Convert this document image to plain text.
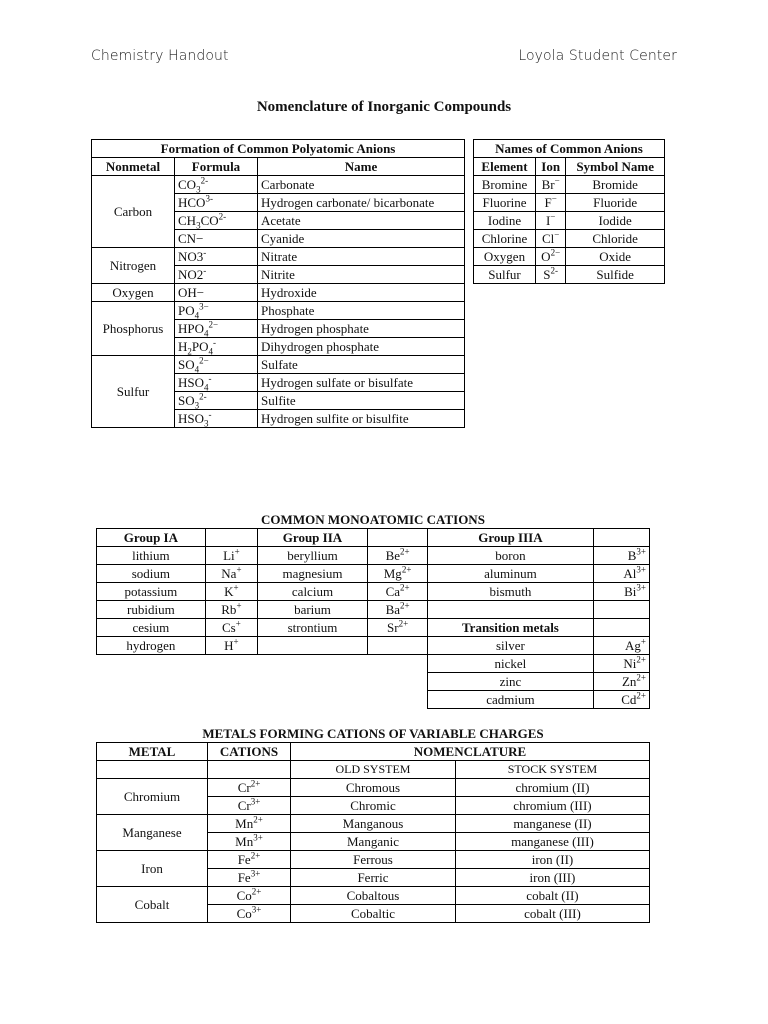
Chemistry Handout	Loyola Student Center
Nomenclature of Inorganic Compounds
Formation of Common Polyatomic Anions		
Nonmetal	Formula	Name
Carbon	$CO_3^{2-}$	Carbonate
	$HCO^{3-}$	Hydrogen carbonate/ bicarbonate
	$CH_3CO^{2-}$	Acetate
	CN−	Cyanide
Nitrogen	NO3-	Nitrate
	NO2-	Nitrite
Oxygen	OH−	Hydroxide
Phosphorus	$PO_4^{3-}$	Phosphate
	$HPO_4^{2-}$	Hydrogen phosphate
	$H_2PO_4^-$	Dihydrogen phosphate
Sulfur	$SO_4^{2-}$	Sulfate
	$HSO_4^-$	Hydrogen sulfate or bisulfate
	$SO_3^{2-}$	Sulfite
	$HSO_3^-$	Hydrogen sulfite or bisulfite
Names of Common Anions		
Element	Ion	Symbol Name
Bromine	Br−	Bromide
Fluorine	F−	Fluoride
Iodine	I−	Iodide
Chlorine	Cl−	Chloride
Oxygen	$O^{2-}$	Oxide
Sulfur	$S^{2-}$	Sulfide
COMMON MONOATOMIC CATIONS
Group IA		Group IIA		Group IIIA	
lithium	Li+	beryllium	$Be^{2+}$	boron	$B^{3+}$
sodium	Na+	magnesium	$Mg^{2+}$	aluminum	$Al^{3+}$
potassium	K+	calcium	$Ca^{2+}$	bismuth	$Bi^{3+}$
rubidium	Rb+	barium	$Ba^{2+}$		
cesium	Cs+	strontium	$Sr^{2+}$	Transition metals	
hydrogen	H+			silver	Ag+
				nickel	$Ni^{2+}$
				zinc	$Zn^{2+}$
				cadmium	$Cd^{2+}$
METALS FORMING CATIONS OF VARIABLE CHARGES
METAL	CATIONS	NOMENCLATURE	
		OLD SYSTEM	STOCK SYSTEM
Chromium	$Cr^{2+}$	Chromous	chromium (II)
	$Cr^{3+}$	Chromic	chromium (III)
Manganese	$Mn^{2+}$	Manganous	manganese (II)
	$Mn^{3+}$	Manganic	manganese (III)
Iron	$Fe^{2+}$	Ferrous	iron (II)
	$Fe^{3+}$	Ferric	iron (III)
Cobalt	$Co^{2+}$	Cobaltous	cobalt (II)
	$Co^{3+}$	Cobaltic	cobalt (III)
